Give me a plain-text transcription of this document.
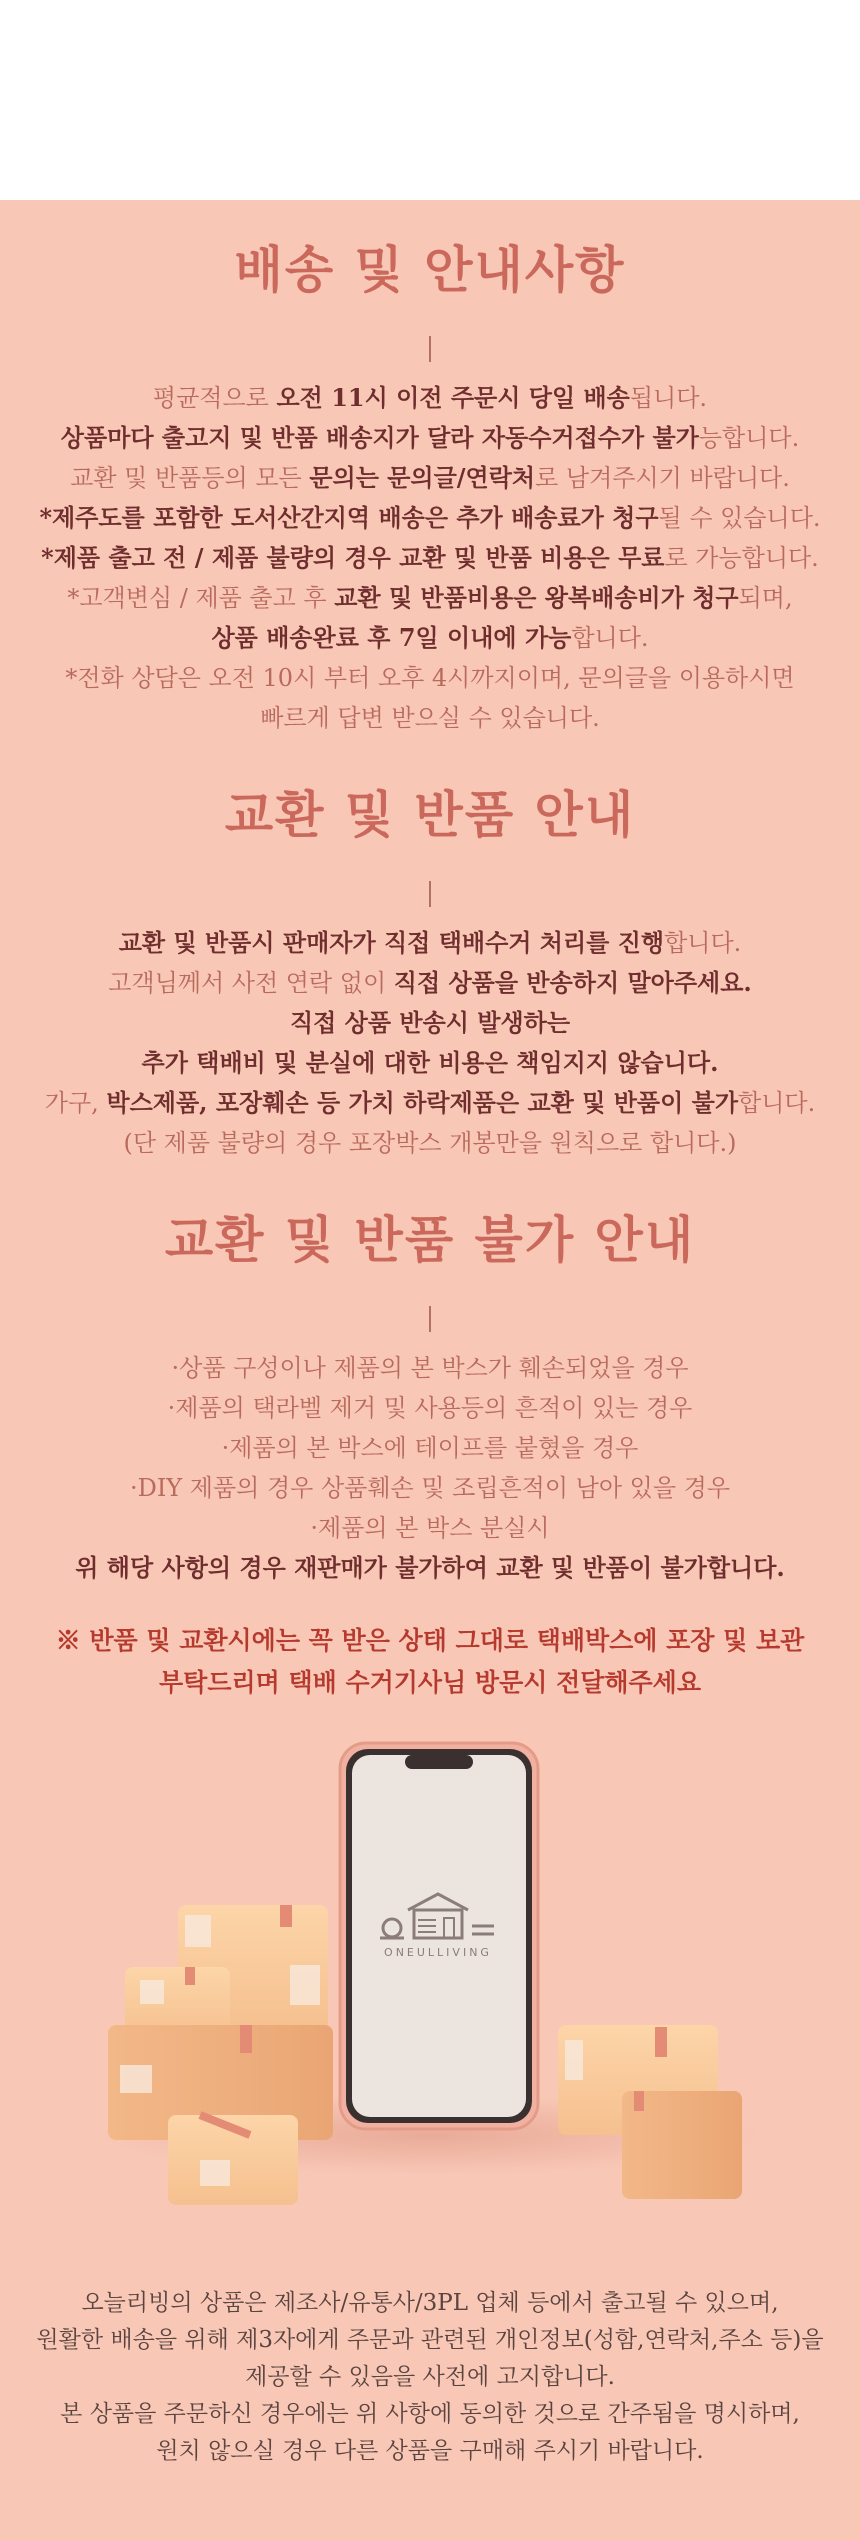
배송 및 안내사항
평균적으로 오전 11시 이전 주문시 당일 배송됩니다.
상품마다 출고지 및 반품 배송지가 달라 자동수거접수가 불가능합니다.
교환 및 반품등의 모든 문의는 문의글/연락처로 남겨주시기 바랍니다.
*제주도를 포함한 도서산간지역 배송은 추가 배송료가 청구될 수 있습니다.
*제품 출고 전 / 제품 불량의 경우 교환 및 반품 비용은 무료로 가능합니다.
*고객변심 / 제품 출고 후 교환 및 반품비용은 왕복배송비가 청구되며,
상품 배송완료 후 7일 이내에 가능합니다.
*전화 상담은 오전 10시 부터 오후 4시까지이며, 문의글을 이용하시면
빠르게 답변 받으실 수 있습니다.
교환 및 반품 안내
교환 및 반품시 판매자가 직접 택배수거 처리를 진행합니다.
고객님께서 사전 연락 없이 직접 상품을 반송하지 말아주세요.
직접 상품 반송시 발생하는
추가 택배비 및 분실에 대한 비용은 책임지지 않습니다.
가구, 박스제품, 포장훼손 등 가치 하락제품은 교환 및 반품이 불가합니다.
(단 제품 불량의 경우 포장박스 개봉만을 원칙으로 합니다.)
교환 및 반품 불가 안내
·상품 구성이나 제품의 본 박스가 훼손되었을 경우
·제품의 택라벨 제거 및 사용등의 흔적이 있는 경우
·제품의 본 박스에 테이프를 붙혔을 경우
·DIY 제품의 경우 상품훼손 및 조립흔적이 남아 있을 경우
·제품의 본 박스 분실시
위 해당 사항의 경우 재판매가 불가하여 교환 및 반품이 불가합니다.
※ 반품 및 교환시에는 꼭 받은 상태 그대로 택배박스에 포장 및 보관
부탁드리며 택배 수거기사님 방문시 전달해주세요
ONEULLIVING
오늘리빙의 상품은 제조사/유통사/3PL 업체 등에서 출고될 수 있으며,
원활한 배송을 위해 제3자에게 주문과 관련된 개인정보(성함,연락처,주소 등)을
제공할 수 있음을 사전에 고지합니다.
본 상품을 주문하신 경우에는 위 사항에 동의한 것으로 간주됨을 명시하며,
원치 않으실 경우 다른 상품을 구매해 주시기 바랍니다.
